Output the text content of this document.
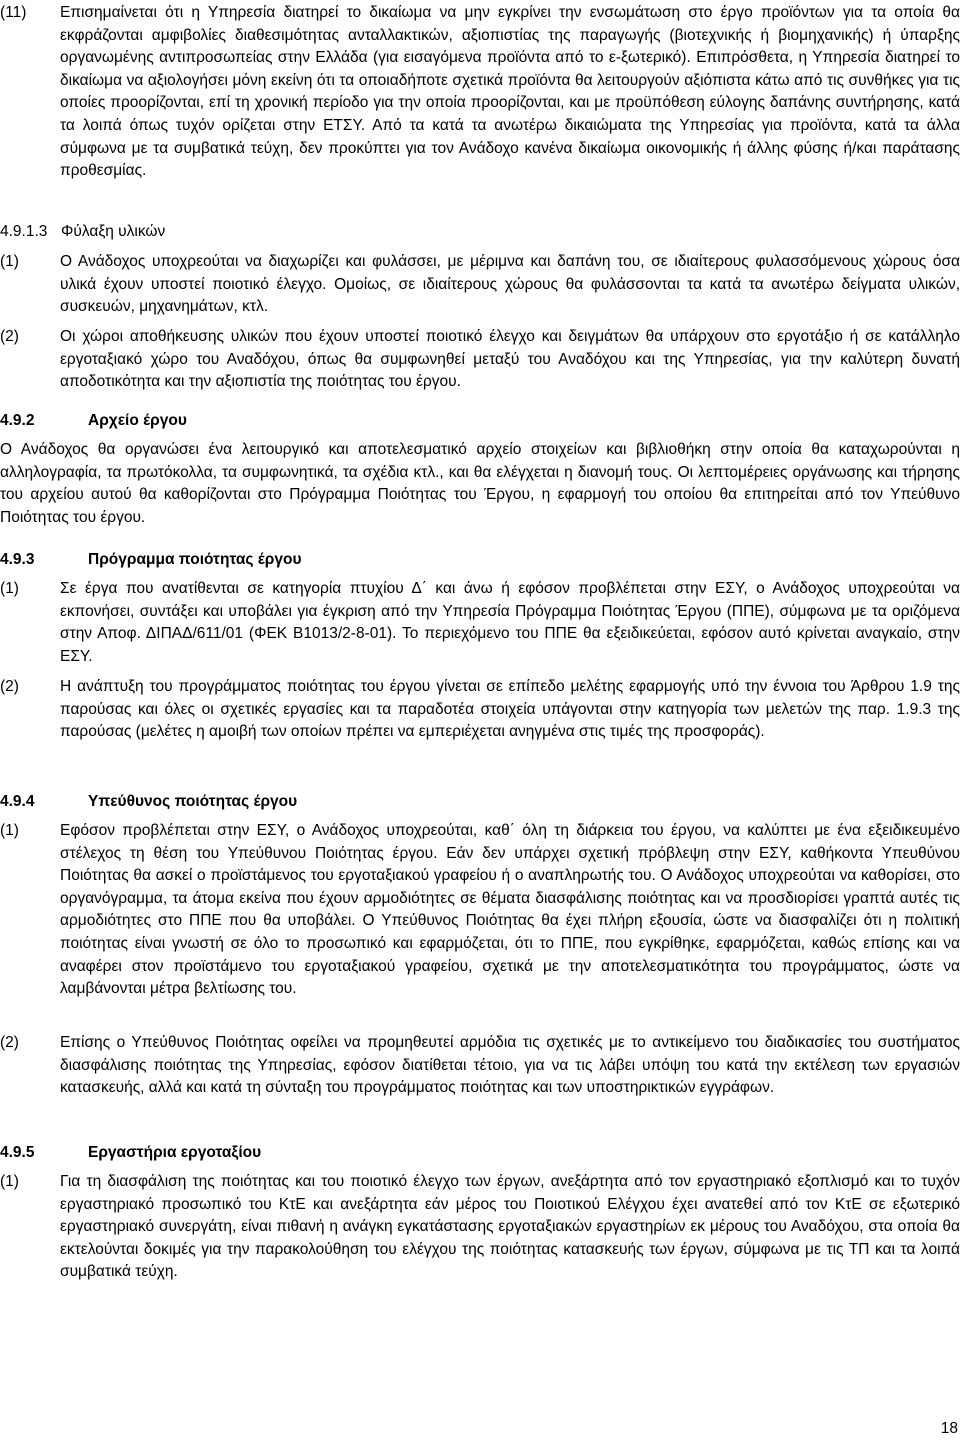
(11)	Επισημαίνεται ότι η Υπηρεσία διατηρεί το δικαίωμα να μην εγκρίνει την ενσωμάτωση στο έργο προϊόντων για τα οποία θα εκφράζονται αμφιβολίες διαθεσιμότητας ανταλλακτικών, αξιοπιστίας της παραγωγής (βιοτεχνικής ή βιομηχανικής) ή ύπαρξης οργανωμένης αντιπροσωπείας στην Ελλάδα (για εισαγόμενα προϊόντα από το ε-ξωτερικό). Επιπρόσθετα, η Υπηρεσία διατηρεί το δικαίωμα να αξιολογήσει μόνη εκείνη ότι τα οποιαδήποτε σχετικά προϊόντα θα λειτουργούν αξιόπιστα κάτω από τις συνθήκες για τις οποίες προορίζονται, επί τη χρονική περίοδο για την οποία προορίζονται, και με προϋπόθεση εύλογης δαπάνης συντήρησης, κατά τα λοιπά όπως τυχόν ορίζεται στην ΕΤΣΥ. Από τα κατά τα ανωτέρω δικαιώματα της Υπηρεσίας για προϊόντα, κατά τα άλλα σύμφωνα με τα συμβατικά τεύχη, δεν προκύπτει για τον Ανάδοχο κανένα δικαίωμα οικονομικής ή άλλης φύσης ή/και παράτασης προθεσμίας.

4.9.1.3 Φύλαξη υλικών
(1)	Ο Ανάδοχος υποχρεούται να διαχωρίζει και φυλάσσει, με μέριμνα και δαπάνη του, σε ιδιαίτερους φυλασσόμενους χώρους όσα υλικά έχουν υποστεί ποιοτικό έλεγχο. Ομοίως, σε ιδιαίτερους χώρους θα φυλάσσονται τα κατά τα ανωτέρω δείγματα υλικών, συσκευών, μηχανημάτων, κτλ.

(2)	Οι χώροι αποθήκευσης υλικών που έχουν υποστεί ποιοτικό έλεγχο και δειγμάτων θα υπάρχουν στο εργοτάξιο ή σε κατάλληλο εργοταξιακό χώρο του Αναδόχου, όπως θα συμφωνηθεί μεταξύ του Αναδόχου και της Υπηρεσίας, για την καλύτερη δυνατή αποδοτικότητα και την αξιοπιστία της ποιότητας του έργου.

4.9.2	Αρχείο έργου

Ο Ανάδοχος θα οργανώσει ένα λειτουργικό και αποτελεσματικό αρχείο στοιχείων και βιβλιοθήκη στην οποία θα καταχωρούνται η αλληλογραφία, τα πρωτόκολλα, τα συμφωνητικά, τα σχέδια κτλ., και θα ελέγχεται η διανομή τους. Οι λεπτομέρειες οργάνωσης και τήρησης του αρχείου αυτού θα καθορίζονται στο Πρόγραμμα Ποιότητας του Έργου, η εφαρμογή του οποίου θα επιτηρείται από τον Υπεύθυνο Ποιότητας του έργου.

4.9.3	Πρόγραμμα ποιότητας έργου
(1)	Σε έργα που ανατίθενται σε κατηγορία πτυχίου Δ΄ και άνω ή εφόσον προβλέπεται στην ΕΣΥ, ο Ανάδοχος υποχρεούται να εκπονήσει, συντάξει και υποβάλει για έγκριση από την Υπηρεσία Πρόγραμμα Ποιότητας Έργου (ΠΠΕ), σύμφωνα με τα οριζόμενα στην Αποφ. ΔΙΠΑΔ/611/01 (ΦΕΚ Β1013/2-8-01). Το περιεχόμενο του ΠΠΕ θα εξειδικεύεται, εφόσον αυτό κρίνεται αναγκαίο, στην ΕΣΥ.

(2)	Η ανάπτυξη του προγράμματος ποιότητας του έργου γίνεται σε επίπεδο μελέτης εφαρμογής υπό την έννοια του Άρθρου 1.9 της παρούσας και όλες οι σχετικές εργασίες και τα παραδοτέα στοιχεία υπάγονται στην κατηγορία των μελετών της παρ. 1.9.3 της παρούσας (μελέτες η αμοιβή των οποίων πρέπει να εμπεριέχεται ανηγμένα στις τιμές της προσφοράς).

4.9.4	Υπεύθυνος ποιότητας έργου
(1)	Εφόσον προβλέπεται στην ΕΣΥ, ο Ανάδοχος υποχρεούται, καθ΄ όλη τη διάρκεια του έργου, να καλύπτει με ένα εξειδικευμένο στέλεχος τη θέση του Υπεύθυνου Ποιότητας έργου. Εάν δεν υπάρχει σχετική πρόβλεψη στην ΕΣΥ, καθήκοντα Υπευθύνου Ποιότητας θα ασκεί ο προϊστάμενος του εργοταξιακού γραφείου ή ο αναπληρωτής του. Ο Ανάδοχος υποχρεούται να καθορίσει, στο οργανόγραμμα, τα άτομα εκείνα που έχουν αρμοδιότητες σε θέματα διασφάλισης ποιότητας και να προσδιορίσει γραπτά αυτές τις αρμοδιότητες στο ΠΠΕ που θα υποβάλει. Ο Υπεύθυνος Ποιότητας θα έχει πλήρη εξουσία, ώστε να διασφαλίζει ότι η πολιτική ποιότητας είναι γνωστή σε όλο το προσωπικό και εφαρμόζεται, ότι το ΠΠΕ, που εγκρίθηκε, εφαρμόζεται, καθώς επίσης και να αναφέρει στον προϊστάμενο του εργοταξιακού γραφείου, σχετικά με την αποτελεσματικότητα του προγράμματος, ώστε να λαμβάνονται μέτρα βελτίωσης του.

(2)	Επίσης ο Υπεύθυνος Ποιότητας οφείλει να προμηθευτεί αρμόδια τις σχετικές με το αντικείμενο του διαδικασίες του συστήματος διασφάλισης ποιότητας της Υπηρεσίας, εφόσον διατίθεται τέτοιο, για να τις λάβει υπόψη του κατά την εκτέλεση των εργασιών κατασκευής, αλλά και κατά τη σύνταξη του προγράμματος ποιότητας και των υποστηρικτικών εγγράφων.

4.9.5	Εργαστήρια εργοταξίου
(1)	Για τη διασφάλιση της ποιότητας και του ποιοτικό έλεγχο των έργων, ανεξάρτητα από τον εργαστηριακό εξοπλισμό και το τυχόν εργαστηριακό προσωπικό του ΚτΕ και ανεξάρτητα εάν μέρος του Ποιοτικού Ελέγχου έχει ανατεθεί από τον ΚτΕ σε εξωτερικό εργαστηριακό συνεργάτη, είναι πιθανή η ανάγκη εγκατάστασης εργοταξιακών εργαστηρίων εκ μέρους του Αναδόχου, στα οποία θα εκτελούνται δοκιμές για την παρακολούθηση του ελέγχου της ποιότητας κατασκευής των έργων, σύμφωνα με τις ΤΠ και τα λοιπά συμβατικά τεύχη.

18
